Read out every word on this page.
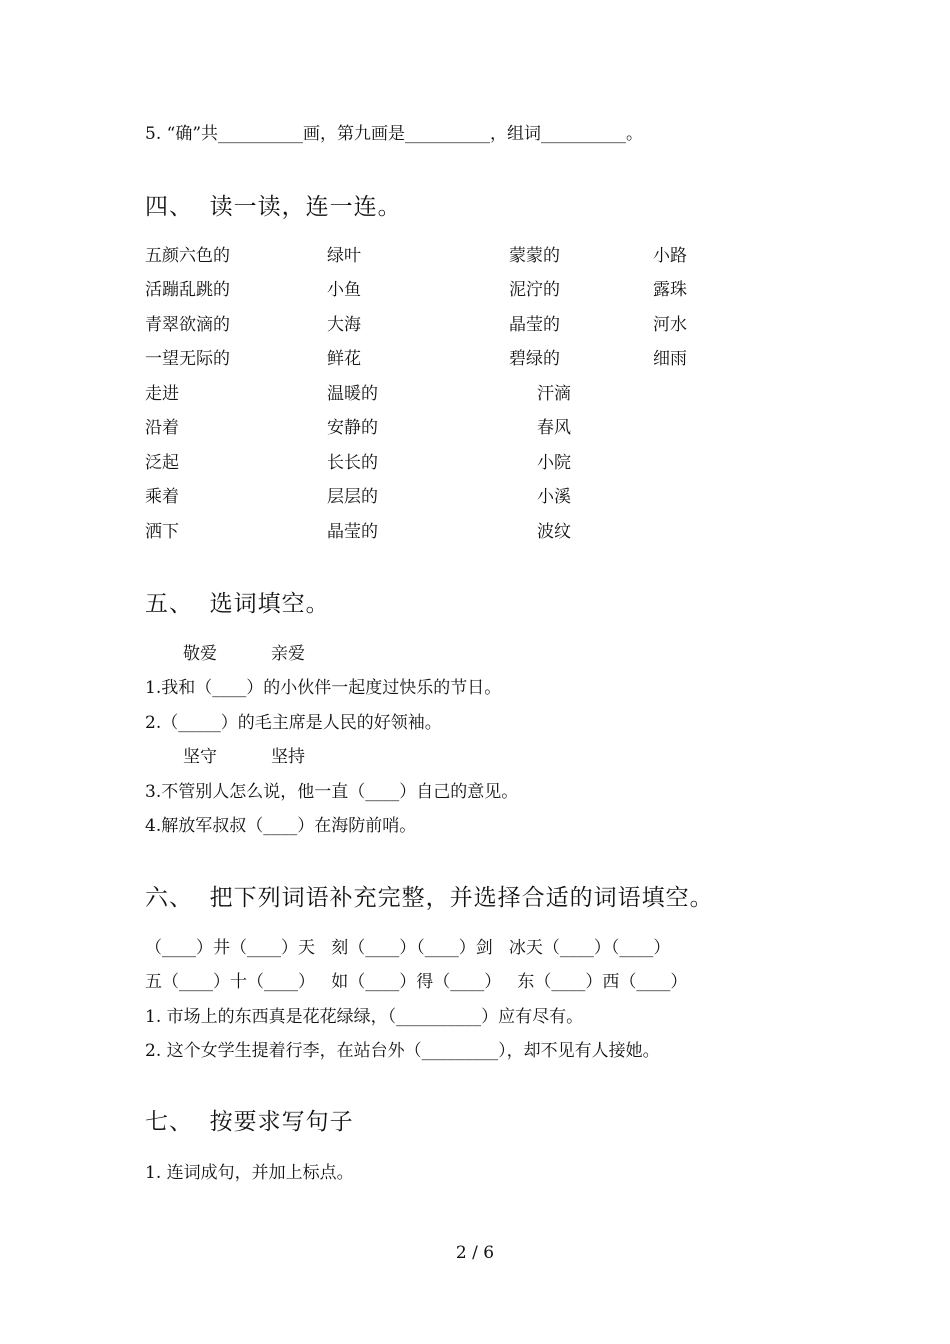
5. “确”共__________画，第九画是__________，组词__________。
四、  读一读，连一连。
五颜六色的	绿叶	蒙蒙的	小路
活蹦乱跳的	小鱼	泥泞的	露珠
青翠欲滴的	大海	晶莹的	河水
一望无际的	鲜花	碧绿的	细雨
走进	温暖的	汗滴
沿着	安静的	春风
泛起	长长的	小院
乘着	层层的	小溪
洒下	晶莹的	波纹
五、  选词填空。
敬爱          亲爱
1.我和（____）的小伙伴一起度过快乐的节日。
2.（_____）的毛主席是人民的好领袖。
坚守          坚持
3.不管别人怎么说，他一直（____）自己的意见。
4.解放军叔叔（____）在海防前哨。
六、  把下列词语补充完整，并选择合适的词语填空。
（____）井（____）天   刻（____）（____）剑   冰天（____）（____）
五（____）十（____）   如（____）得（____）   东（____）西（____）
1. 市场上的东西真是花花绿绿，（__________）应有尽有。
2. 这个女学生提着行李，在站台外（_________），却不见有人接她。
七、  按要求写句子
1. 连词成句，并加上标点。
2 / 6
